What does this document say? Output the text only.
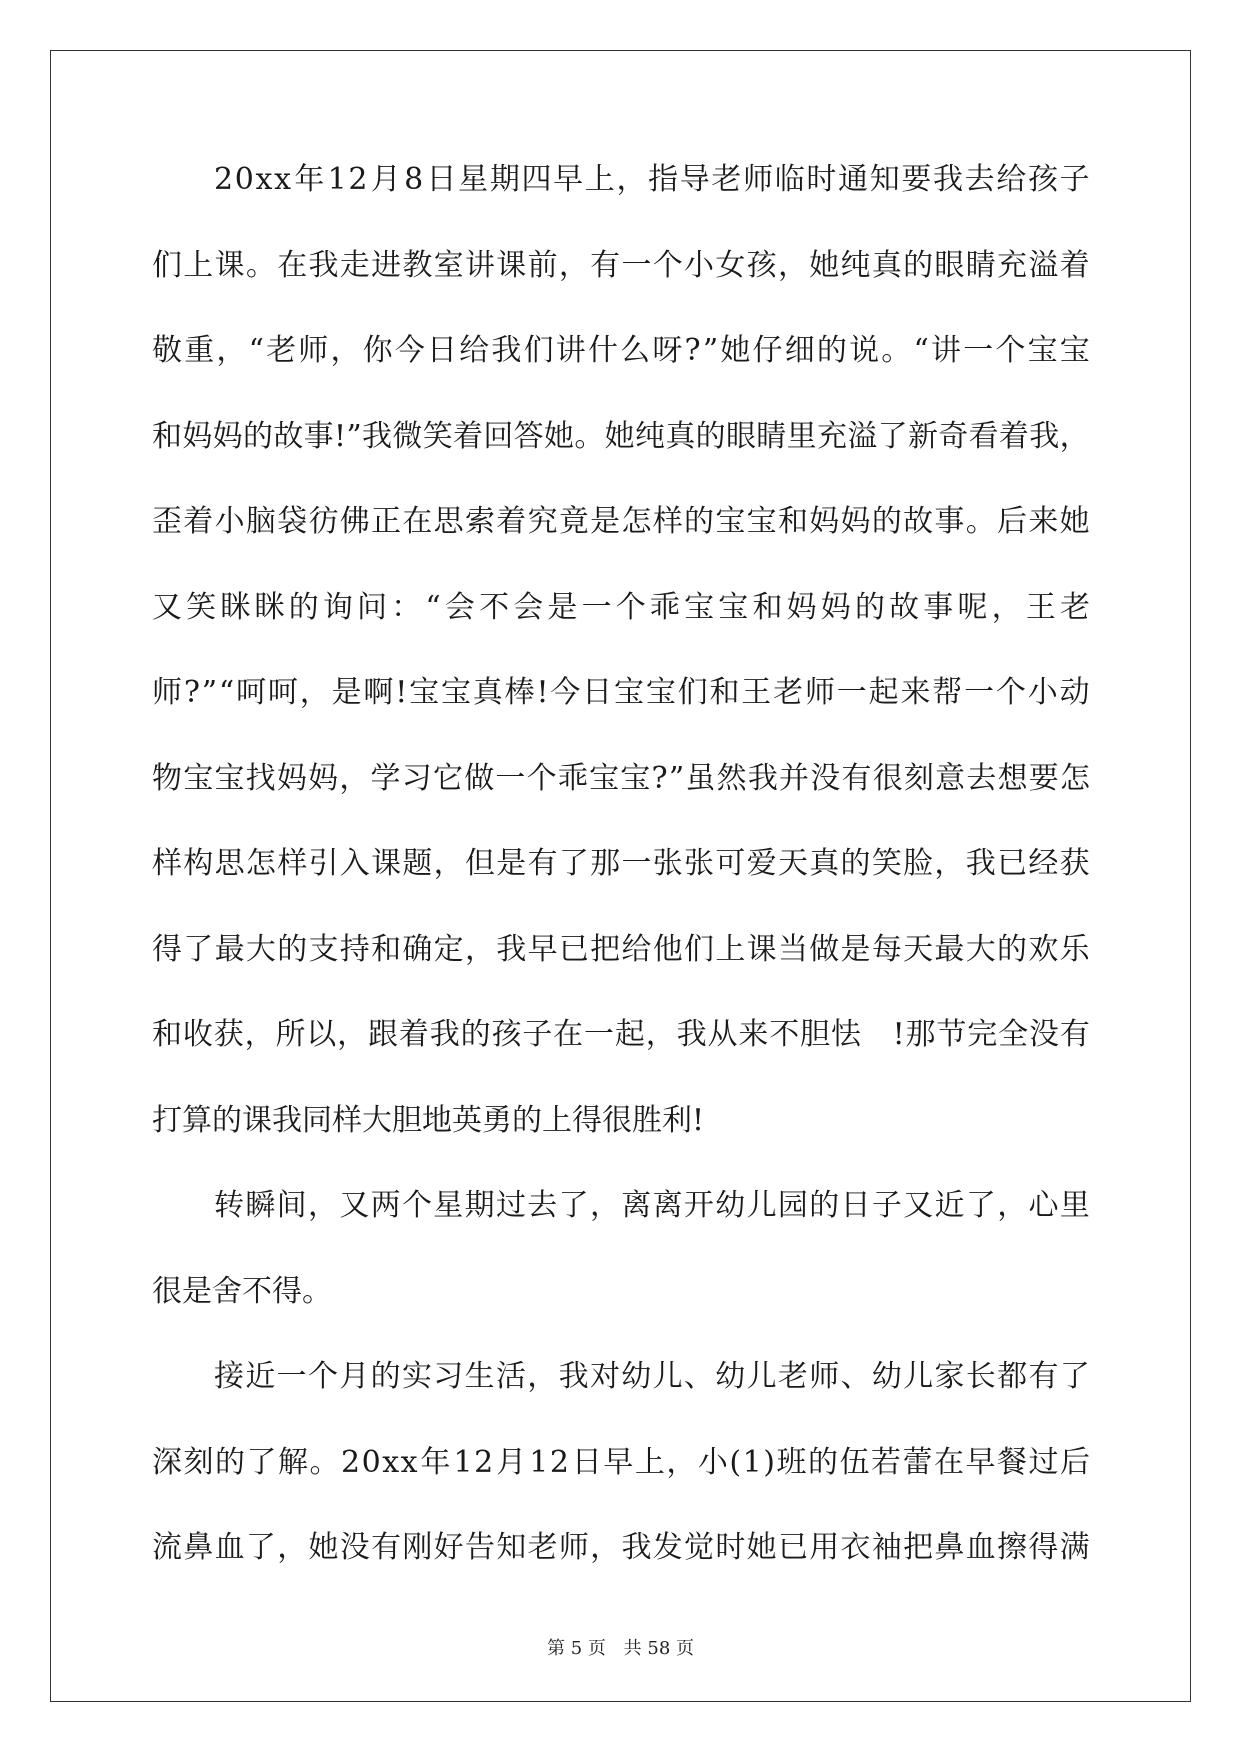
2 0 x x 年 1 2 月 8 日 星 期 四 早 上 ， 指 导 老 师 临 时 通 知 要 我 去 给 孩 子
们 上 课 。 在 我 走 进 教 室 讲 课 前 ， 有 一 个 小 女 孩 ， 她 纯 真 的 眼 睛 充 溢 着
敬 重 ， “ 老 师 ， 你 今 日 给 我 们 讲 什 么 呀 ? ” 她 仔 细 的 说 。 “ 讲 一 个 宝 宝
和 妈 妈 的 故 事 ! ” 我 微 笑 着 回 答 她 。 她 纯 真 的 眼 睛 里 充 溢 了 新 奇 看 着 我 ，
歪 着 小 脑 袋 彷 佛 正 在 思 索 着 究 竟 是 怎 样 的 宝 宝 和 妈 妈 的 故 事 。 后 来 她
又 笑 眯 眯 的 询 问 ： “ 会 不 会 是 一 个 乖 宝 宝 和 妈 妈 的 故 事 呢 ， 王 老
师 ? ” “ 呵 呵 ， 是 啊 ! 宝 宝 真 棒 ! 今 日 宝 宝 们 和 王 老 师 一 起 来 帮 一 个 小 动
物 宝 宝 找 妈 妈 ， 学 习 它 做 一 个 乖 宝 宝 ? ” 虽 然 我 并 没 有 很 刻 意 去 想 要 怎
样 构 思 怎 样 引 入 课 题 ， 但 是 有 了 那 一 张 张 可 爱 天 真 的 笑 脸 ， 我 已 经 获
得 了 最 大 的 支 持 和 确 定 ， 我 早 已 把 给 他 们 上 课 当 做 是 每 天 最 大 的 欢 乐
和 收 获 ， 所 以 ， 跟 着 我 的 孩 子 在 一 起 ， 我 从 来 不 胆 怯
　 ! 那 节 完 全 没 有
打算的课我同样大胆地英勇的上得很胜利!
转 瞬 间 ， 又 两 个 星 期 过 去 了 ， 离 离 开 幼 儿 园 的 日 子 又 近 了 ， 心 里
很是舍不得。
接 近 一 个 月 的 实 习 生 活 ， 我 对 幼 儿 、 幼 儿 老 师 、 幼 儿 家 长 都 有 了
深 刻 的 了 解 。 2 0 x x 年 1 2 月 1 2 日 早 上 ， 小 ( 1 ) 班 的 伍 若 蕾 在 早 餐 过 后
流 鼻 血 了 ， 她 没 有 刚 好 告 知 老 师 ， 我 发 觉 时 她 已 用 衣 袖 把 鼻 血 擦 得 满
第 5 页 共 58 页
